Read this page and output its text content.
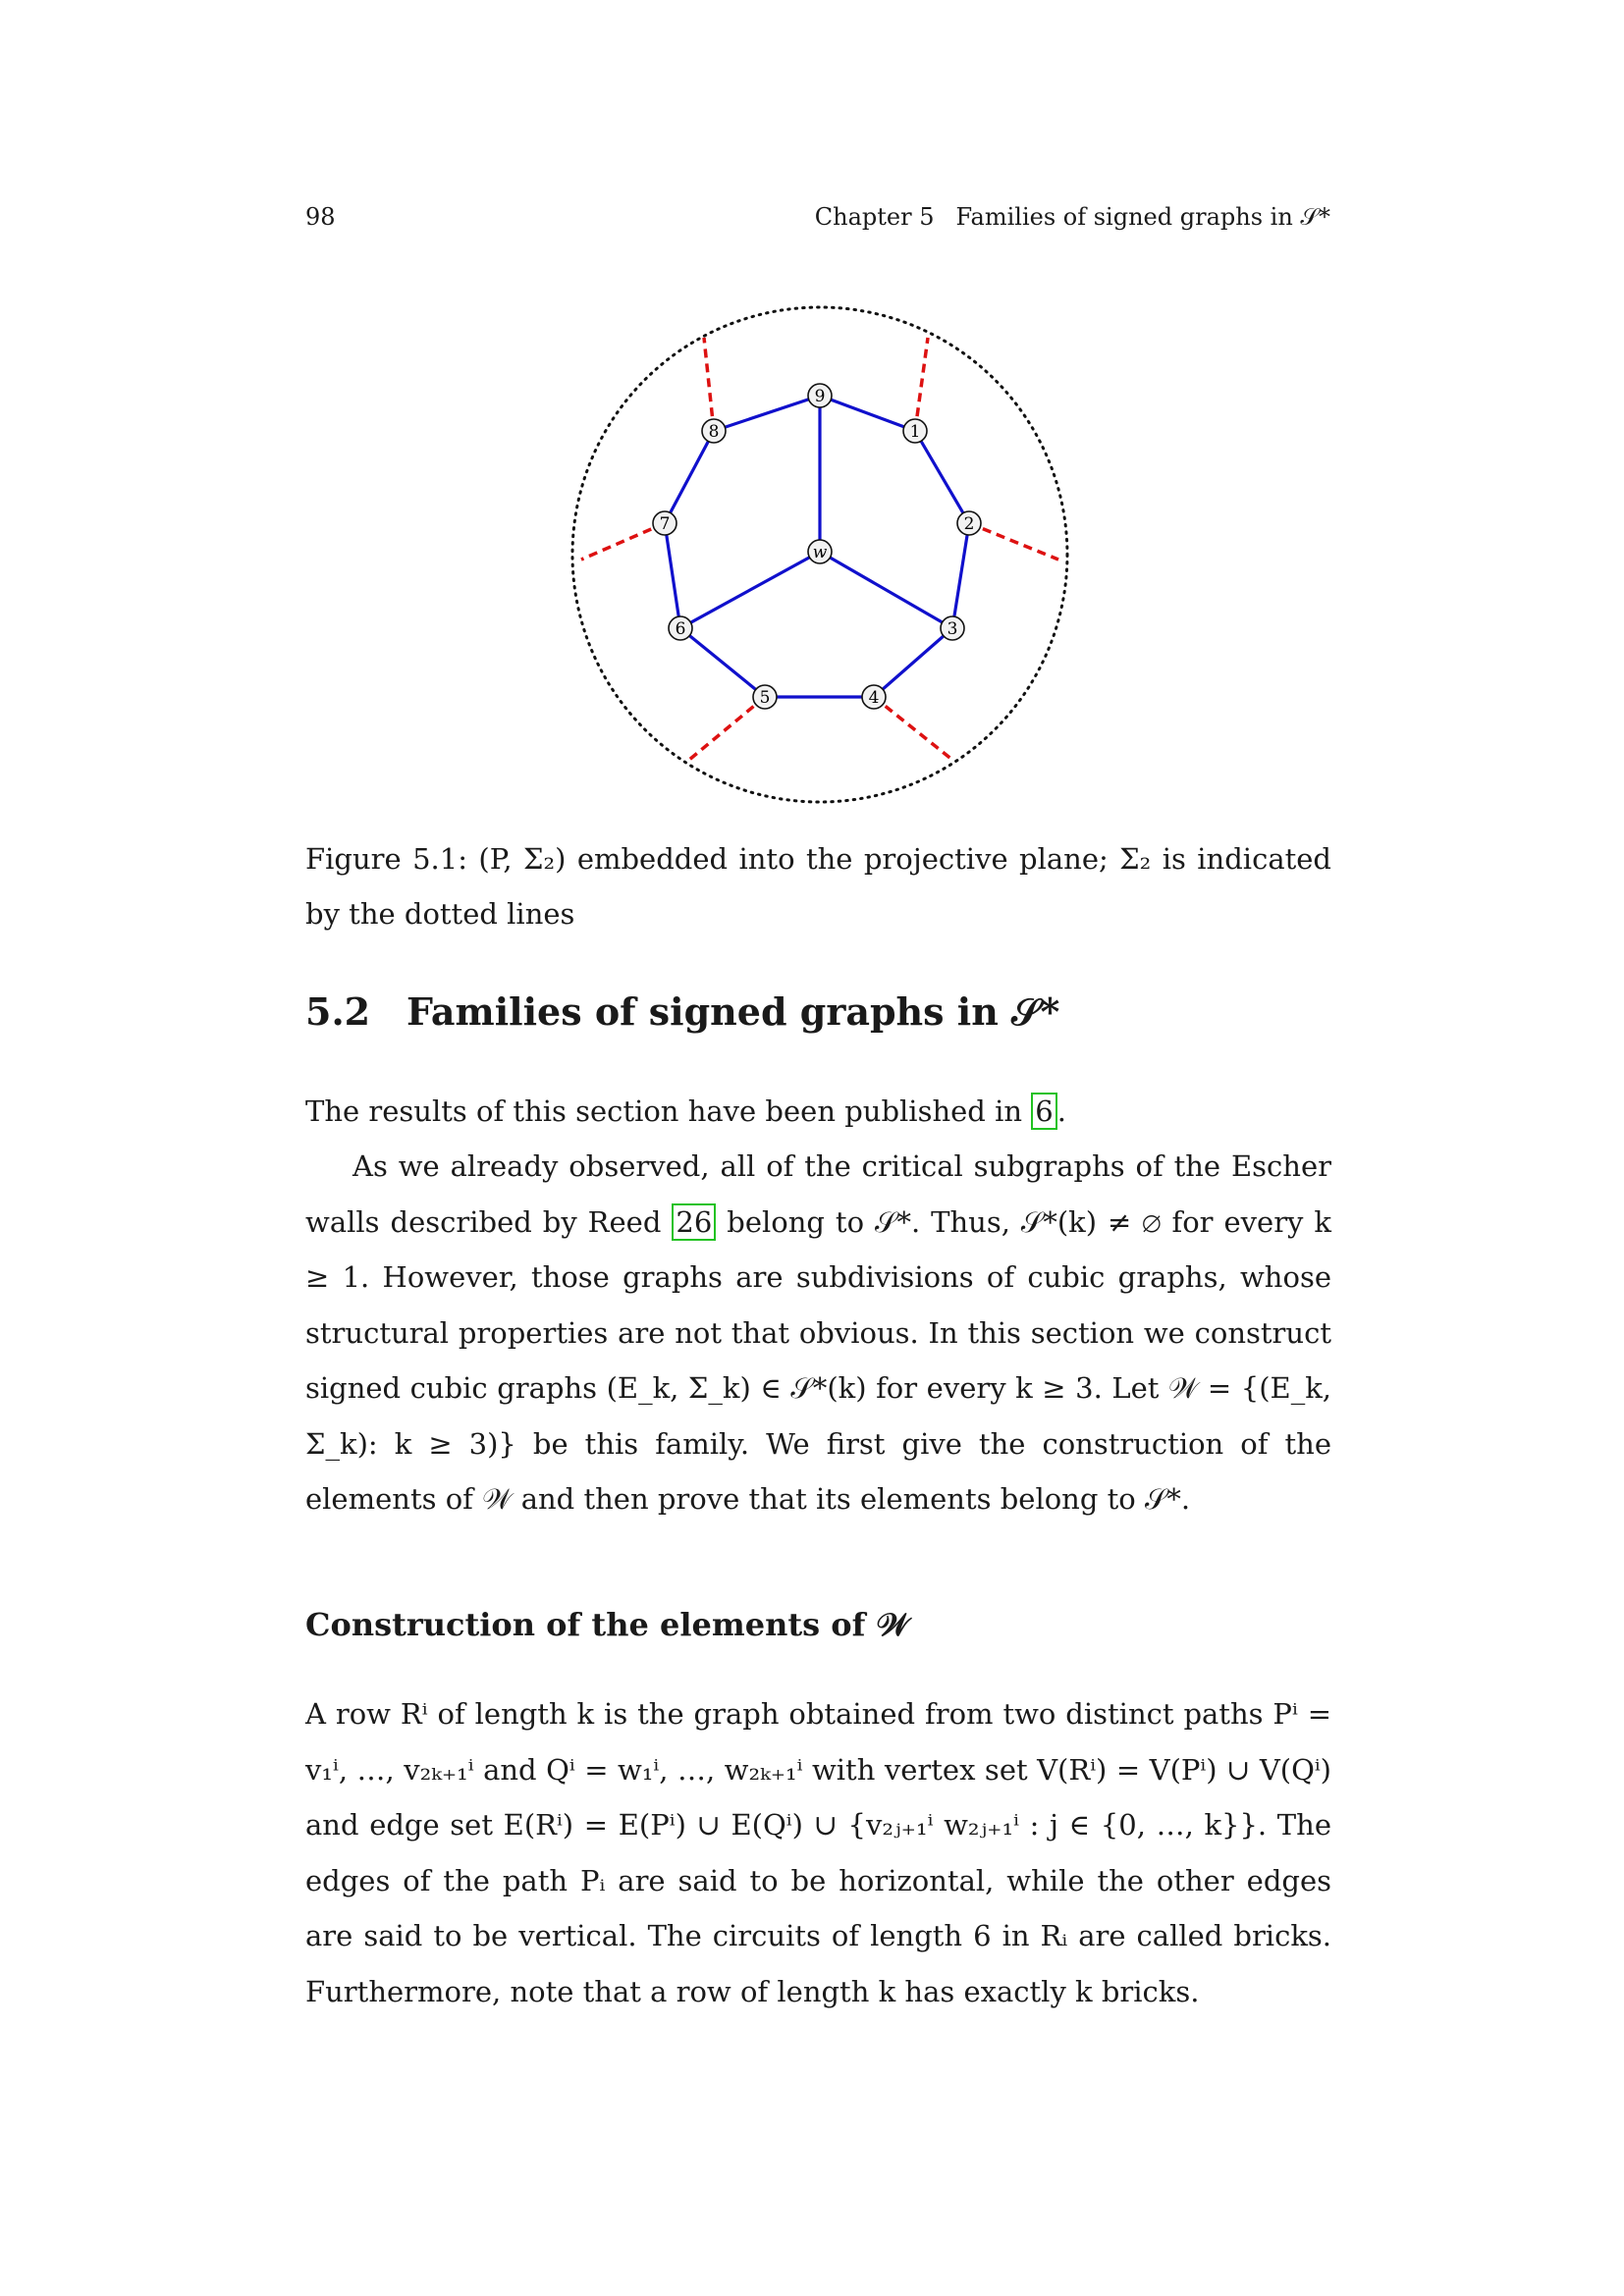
98	Chapter 5 Families of signed graphs in 𝒮*
9
1
2
3
4
5
6
7
8
w
Figure 5.1: (P, Σ₂) embedded into the projective plane; Σ₂ is indicated by the dotted lines
5.2 Families of signed graphs in 𝒮*
The results of this section have been published in 6 .
As we already observed, all of the critical subgraphs of the Escher walls described by Reed 26 belong to 𝒮*. Thus, 𝒮*(k) ≠ ∅ for every k ≥ 1. However, those graphs are subdivisions of cubic graphs, whose structural properties are not that obvious. In this section we construct signed cubic graphs (E_k, Σ_k) ∈ 𝒮*(k) for every k ≥ 3. Let 𝒲 = {(E_k, Σ_k): k ≥ 3)} be this family. We first give the construction of the elements of 𝒲 and then prove that its elements belong to 𝒮*.
Construction of the elements of 𝒲
A row Rⁱ of length k is the graph obtained from two distinct paths Pⁱ = v₁ⁱ, …, v₂ₖ₊₁ⁱ and Qⁱ = w₁ⁱ, …, w₂ₖ₊₁ⁱ with vertex set V(Rⁱ) = V(Pⁱ) ∪ V(Qⁱ) and edge set E(Rⁱ) = E(Pⁱ) ∪ E(Qⁱ) ∪ {v₂ⱼ₊₁ⁱ w₂ⱼ₊₁ⁱ : j ∈ {0, …, k}}. The edges of the path Pᵢ are said to be horizontal, while the other edges are said to be vertical. The circuits of length 6 in Rᵢ are called bricks. Furthermore, note that a row of length k has exactly k bricks.
